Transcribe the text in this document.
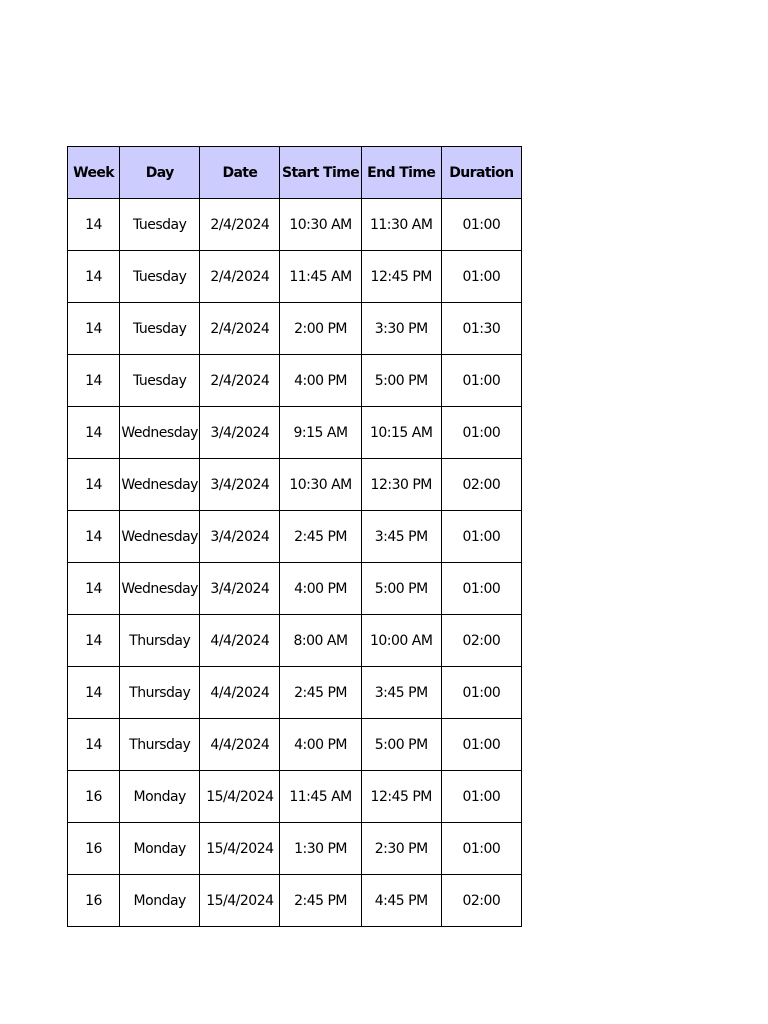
Week	Day	Date	Start Time	End Time	Duration
14	Tuesday	2/4/2024	10:30 AM	11:30 AM	01:00
14	Tuesday	2/4/2024	11:45 AM	12:45 PM	01:00
14	Tuesday	2/4/2024	2:00 PM	3:30 PM	01:30
14	Tuesday	2/4/2024	4:00 PM	5:00 PM	01:00
14	Wednesday	3/4/2024	9:15 AM	10:15 AM	01:00
14	Wednesday	3/4/2024	10:30 AM	12:30 PM	02:00
14	Wednesday	3/4/2024	2:45 PM	3:45 PM	01:00
14	Wednesday	3/4/2024	4:00 PM	5:00 PM	01:00
14	Thursday	4/4/2024	8:00 AM	10:00 AM	02:00
14	Thursday	4/4/2024	2:45 PM	3:45 PM	01:00
14	Thursday	4/4/2024	4:00 PM	5:00 PM	01:00
16	Monday	15/4/2024	11:45 AM	12:45 PM	01:00
16	Monday	15/4/2024	1:30 PM	2:30 PM	01:00
16	Monday	15/4/2024	2:45 PM	4:45 PM	02:00
